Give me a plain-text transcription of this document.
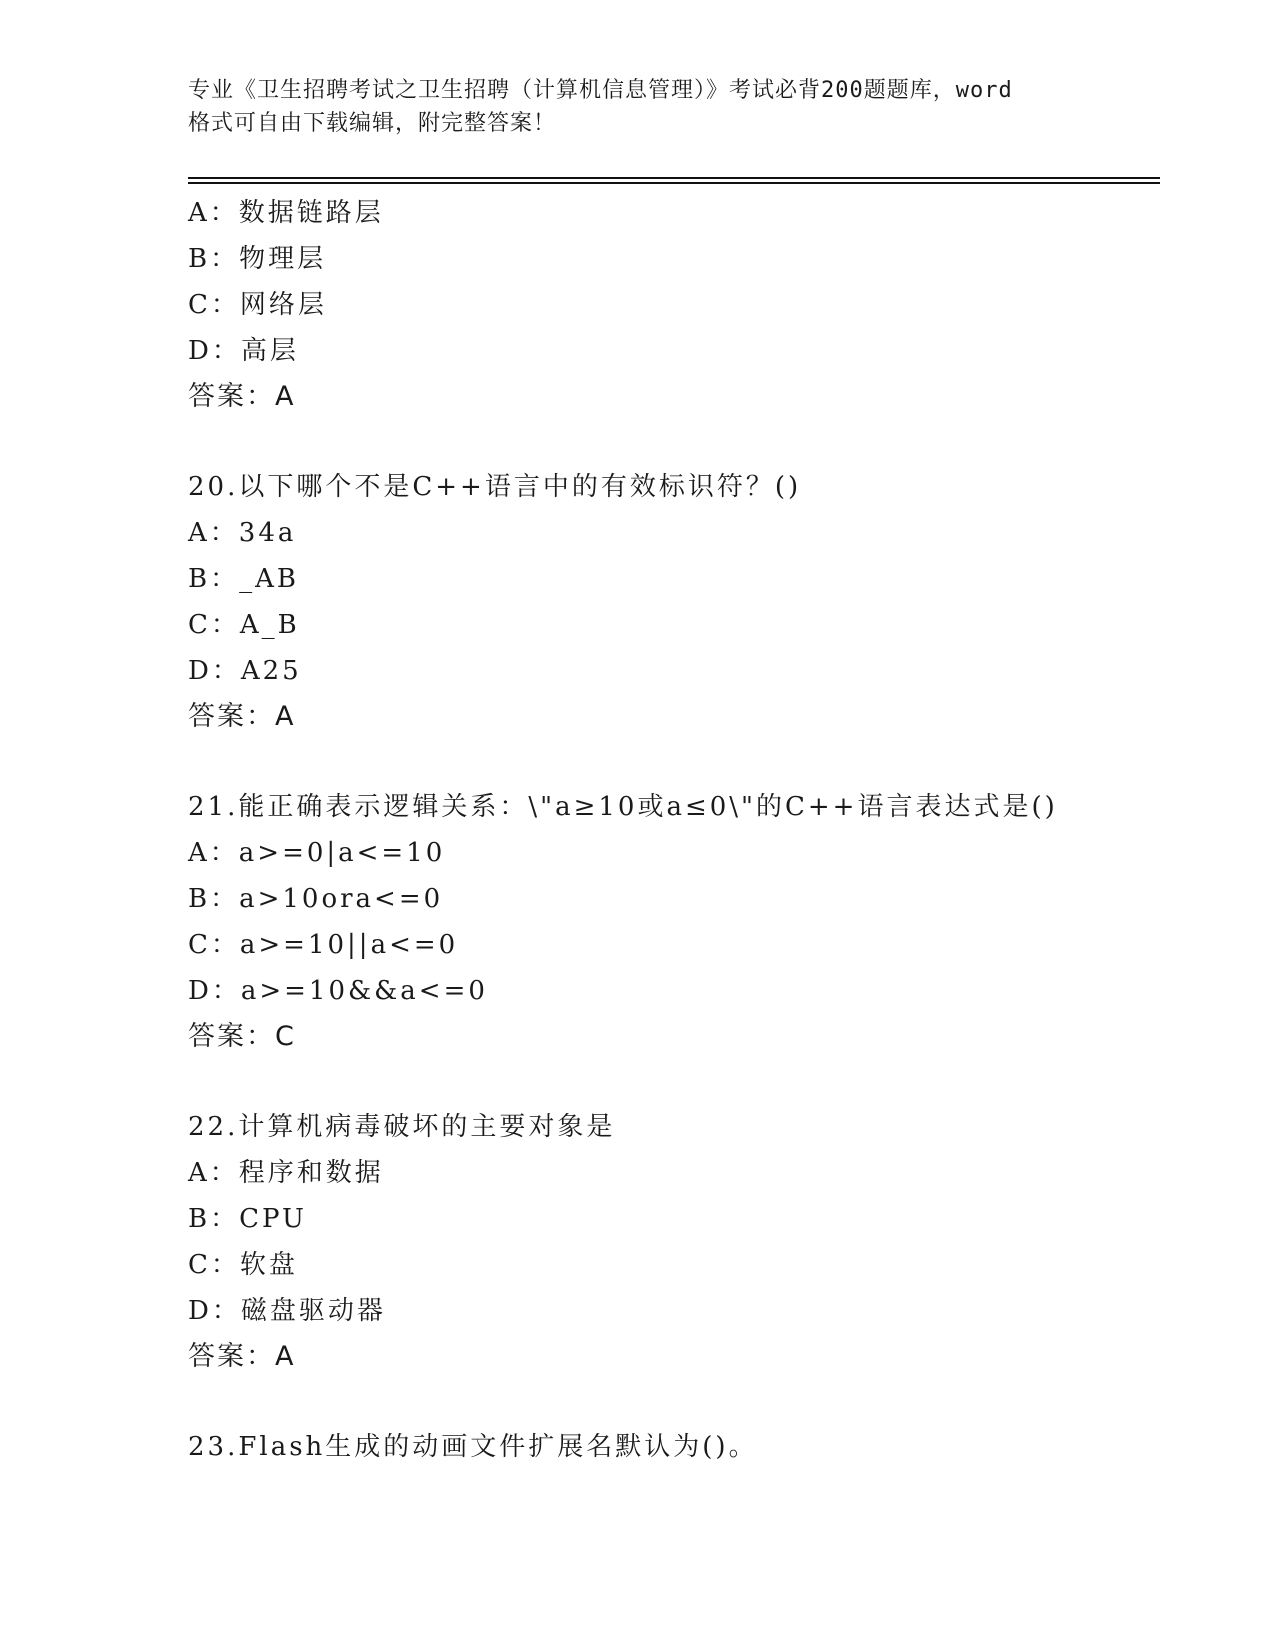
专业《卫生招聘考试之卫生招聘（计算机信息管理）》考试必背200题题库，word
格式可自由下载编辑，附完整答案！
A：数据链路层
B：物理层
C：网络层
D：高层
答案：A
20.以下哪个不是C++语言中的有效标识符？()
A：34a
B：_AB
C：A_B
D：A25
答案：A
21.能正确表示逻辑关系：\"a≥10或a≤0\"的C++语言表达式是()
A：a>=0|a<=10
B：a>10ora<=0
C：a>=10||a<=0
D：a>=10&&a<=0
答案：C
22.计算机病毒破坏的主要对象是
A：程序和数据
B：CPU
C：软盘
D：磁盘驱动器
答案：A
23.Flash生成的动画文件扩展名默认为()。
